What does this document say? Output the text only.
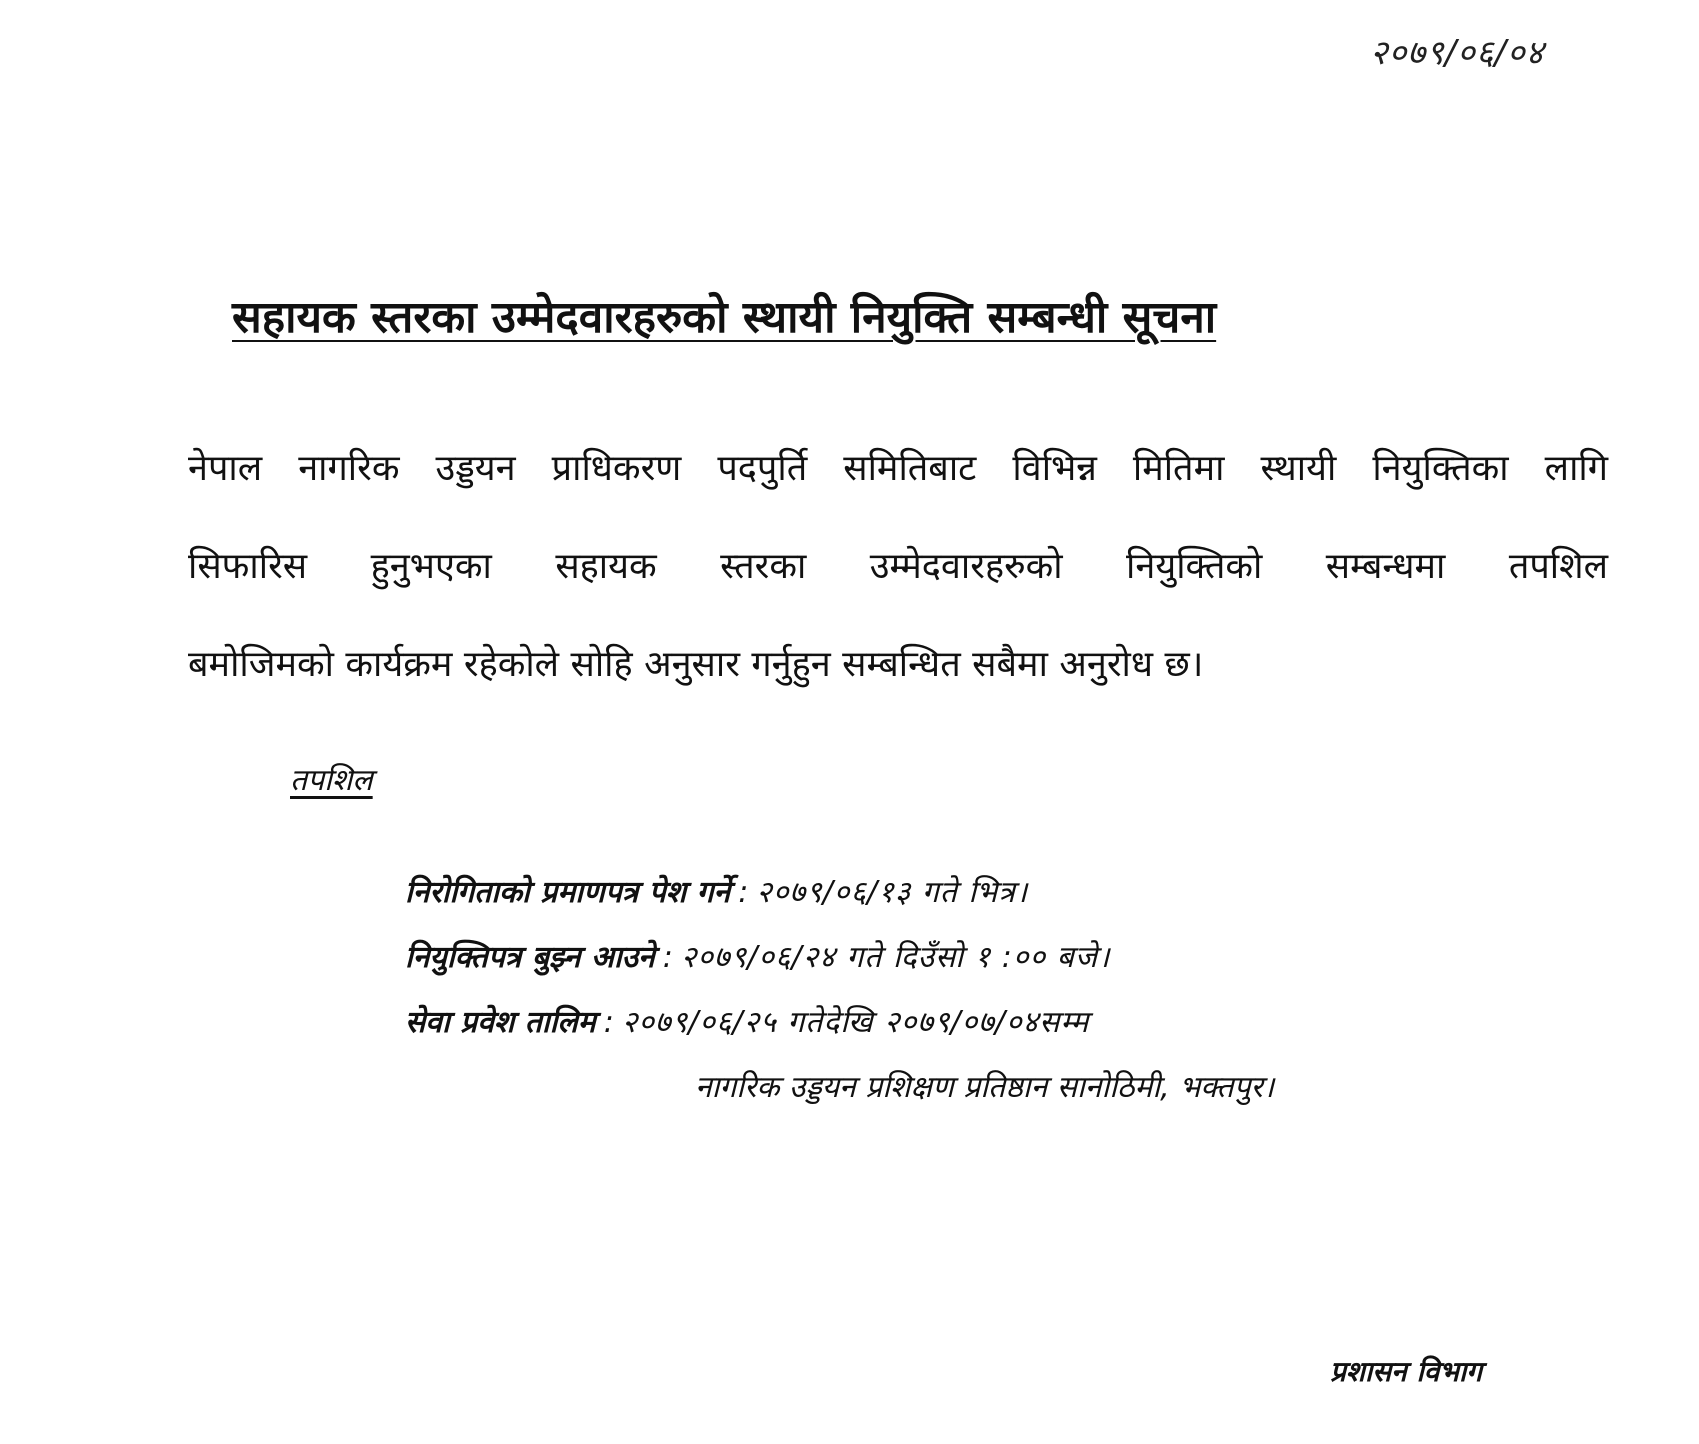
२०७९/०६/०४
सहायक स्तरका उम्मेदवारहरुको स्थायी नियुक्ति सम्बन्धी सूचना
नेपाल नागरिक उड्डयन प्राधिकरण पदपुर्ति समितिबाट विभिन्न मितिमा स्थायी नियुक्तिका लागि
सिफारिस हुनुभएका सहायक स्तरका उम्मेदवारहरुको नियुक्तिको सम्बन्धमा तपशिल
बमोजिमको कार्यक्रम रहेकोले सोहि अनुसार गर्नुहुन सम्बन्धित सबैमा अनुरोध छ।
तपशिल
निरोगिताको प्रमाणपत्र पेश गर्ने : २०७९/०६/१३ गते भित्र।
नियुक्तिपत्र बुझ्न आउने : २०७९/०६/२४ गते दिउँसो १ :०० बजे।
सेवा प्रवेश तालिम : २०७९/०६/२५ गतेदेखि २०७९/०७/०४सम्म
नागरिक उड्डयन प्रशिक्षण प्रतिष्ठान सानोठिमी, भक्तपुर।
प्रशासन विभाग
